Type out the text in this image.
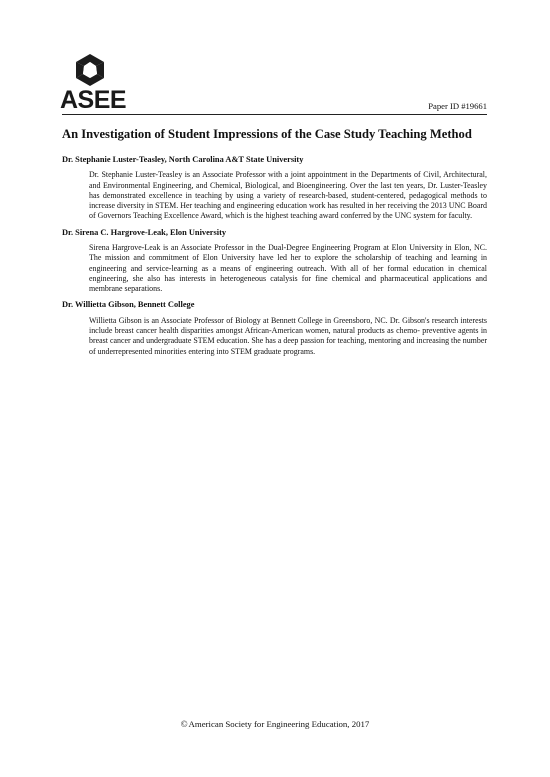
ASEE	Paper ID #19661
An Investigation of Student Impressions of the Case Study Teaching Method
Dr. Stephanie Luster-Teasley, North Carolina A&T State University

Dr. Stephanie Luster-Teasley is an Associate Professor with a joint appointment in the Departments of Civil, Architectural, and Environmental Engineering, and Chemical, Biological, and Bioengineering. Over the last ten years, Dr. Luster-Teasley has demonstrated excellence in teaching by using a variety of research-based, student-centered, pedagogical methods to increase diversity in STEM. Her teaching and engineering education work has resulted in her receiving the 2013 UNC Board of Governors Teaching Excellence Award, which is the highest teaching award conferred by the UNC system for faculty.

Dr. Sirena C. Hargrove-Leak, Elon University

Sirena Hargrove-Leak is an Associate Professor in the Dual-Degree Engineering Program at Elon University in Elon, NC. The mission and commitment of Elon University have led her to explore the scholarship of teaching and learning in engineering and service-learning as a means of engineering outreach. With all of her formal education in chemical engineering, she also has interests in heterogeneous catalysis for fine chemical and pharmaceutical applications and membrane separations.

Dr. Willietta Gibson, Bennett College

Willietta Gibson is an Associate Professor of Biology at Bennett College in Greensboro, NC. Dr. Gibson's research interests include breast cancer health disparities amongst African-American women, natural products as chemo- preventive agents in breast cancer and undergraduate STEM education. She has a deep passion for teaching, mentoring and increasing the number of underrepresented minorities entering into STEM graduate programs.

©American Society for Engineering Education, 2017
